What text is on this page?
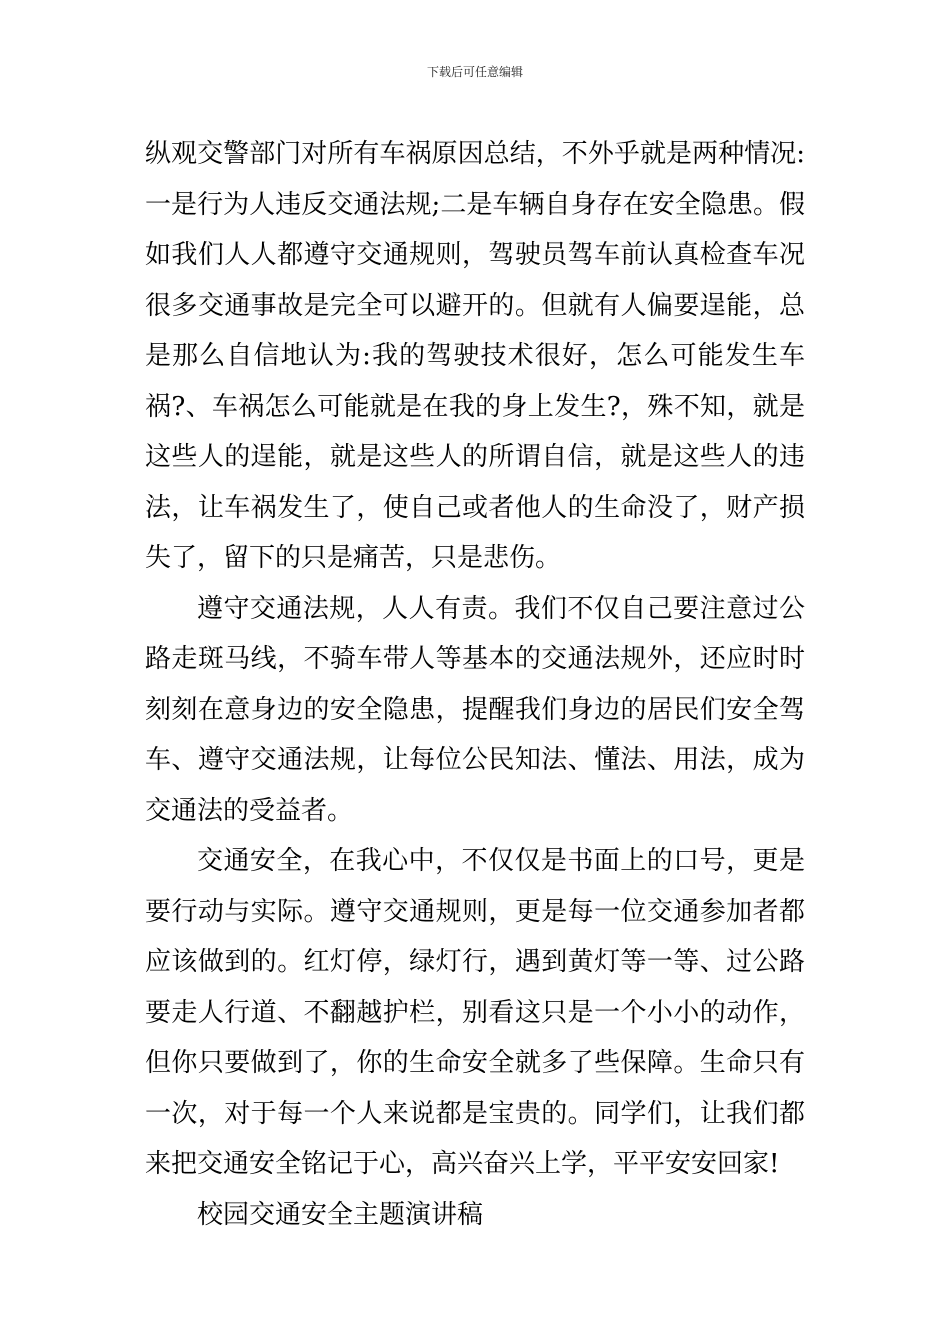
下载后可任意编辑
纵观交警部门对所有车祸原因总结，不外乎就是两种情况:
一是行为人违反交通法规;二是车辆自身存在安全隐患。假
如我们人人都遵守交通规则，驾驶员驾车前认真检查车况
很多交通事故是完全可以避开的。但就有人偏要逞能，总
是那么自信地认为:我的驾驶技术很好，怎么可能发生车
祸?、车祸怎么可能就是在我的身上发生?，殊不知，就是
这些人的逞能，就是这些人的所谓自信，就是这些人的违
法，让车祸发生了，使自己或者他人的生命没了，财产损
失了，留下的只是痛苦，只是悲伤。
遵守交通法规，人人有责。我们不仅自己要注意过公
路走斑马线，不骑车带人等基本的交通法规外，还应时时
刻刻在意身边的安全隐患，提醒我们身边的居民们安全驾
车、遵守交通法规，让每位公民知法、懂法、用法，成为
交通法的受益者。
交通安全，在我心中，不仅仅是书面上的口号，更是
要行动与实际。遵守交通规则，更是每一位交通参加者都
应该做到的。红灯停，绿灯行，遇到黄灯等一等、过公路
要走人行道、不翻越护栏，别看这只是一个小小的动作，
但你只要做到了，你的生命安全就多了些保障。生命只有
一次，对于每一个人来说都是宝贵的。同学们，让我们都
来把交通安全铭记于心，高兴奋兴上学，平平安安回家!
校园交通安全主题演讲稿
